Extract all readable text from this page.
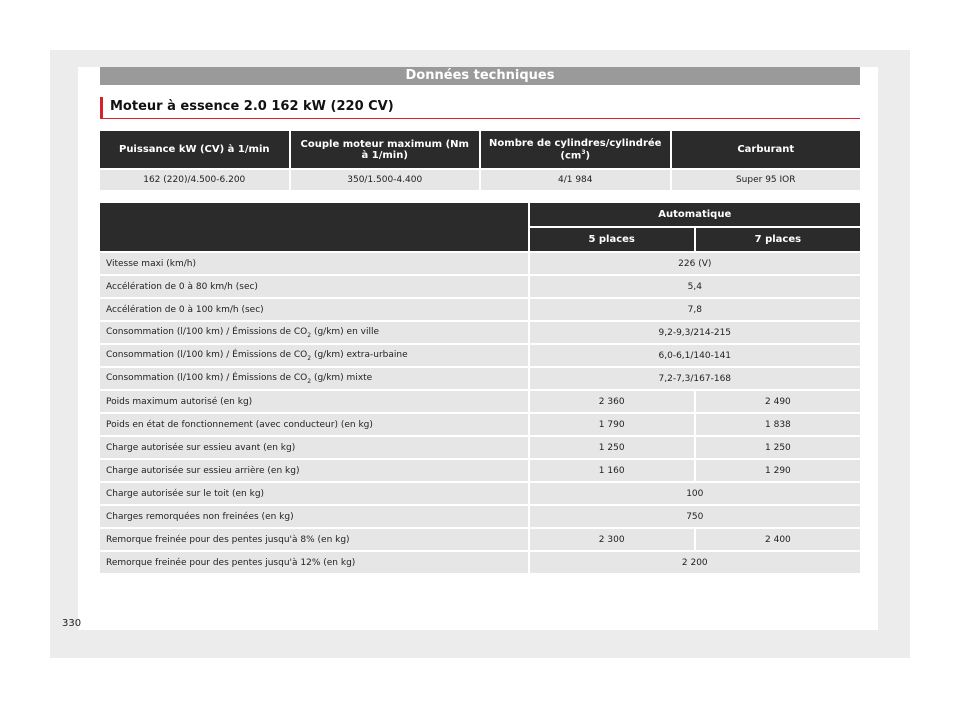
Données techniques
Moteur à essence 2.0 162 kW (220 CV)
Puissance kW (CV) à 1/min	Couple moteur maximum (Nm à 1/min)	Nombre de cylindres/cylindrée $(cm^3)$	Carburant
162 (220)/4.500-6.200	350/1.500-4.400	4/1 984	Super 95 IOR
	Automatique	
	5 places	7 places
Vitesse maxi (km/h)	226 (V)	
Accélération de 0 à 80 km/h (sec)	5,4	
Accélération de 0 à 100 km/h (sec)	7,8	
Consommation (l/100 km) / Émissions de $CO_2$ (g/km) en ville	9,2-9,3/214-215	
Consommation (l/100 km) / Émissions de $CO_2$ (g/km) extra-urbaine	6,0-6,1/140-141	
Consommation (l/100 km) / Émissions de $CO_2$ (g/km) mixte	7,2-7,3/167-168	
Poids maximum autorisé (en kg)	2 360	2 490
Poids en état de fonctionnement (avec conducteur) (en kg)	1 790	1 838
Charge autorisée sur essieu avant (en kg)	1 250	1 250
Charge autorisée sur essieu arrière (en kg)	1 160	1 290
Charge autorisée sur le toit (en kg)	100	
Charges remorquées non freinées (en kg)	750	
Remorque freinée pour des pentes jusqu'à 8% (en kg)	2 300	2 400
Remorque freinée pour des pentes jusqu'à 12% (en kg)	2 200	
330
